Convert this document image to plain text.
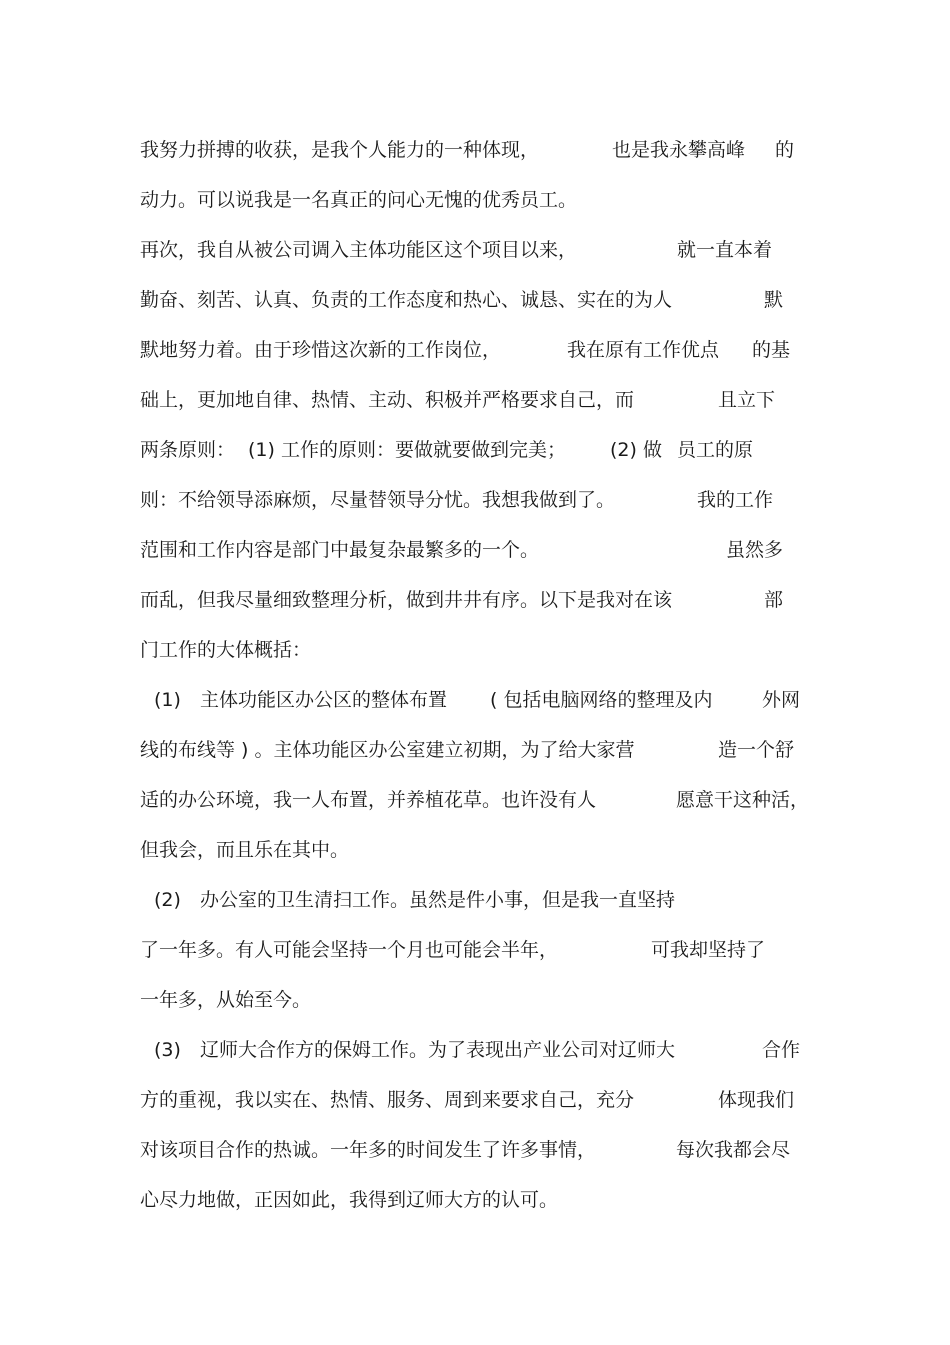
我努力拼搏的收获，是我个人能力的一种体现，	也是我永攀高峰 的
动力。可以说我是一名真正的问心无愧的优秀员工。
再次，我自从被公司调入主体功能区这个项目以来，	就一直本着
勤奋、刻苦、认真、负责的工作态度和热心、诚恳、实在的为人	默
默地努力着。由于珍惜这次新的工作岗位，	我在原有工作优点 的基
础上，更加地自律、热情、主动、积极并严格要求自己，而	且立下
两条原则： (1) 工作的原则：要做就要做到完美； (2) 做 员工的原
则：不给领导添麻烦，尽量替领导分忧。我想我做到了。	我的工作
范围和工作内容是部门中最复杂最繁多的一个。	虽然多
而乱，但我尽量细致整理分析，做到井井有序。以下是我对在该	部
门工作的大体概括：
(1) 主体功能区办公区的整体布置 ( 包括电脑网络的整理及内	外网
线的布线等 ) 。主体功能区办公室建立初期，为了给大家营	造一个舒
适的办公环境，我一人布置，并养植花草。也许没有人	愿意干这种活，
但我会，而且乐在其中。
(2) 办公室的卫生清扫工作。虽然是件小事，但是我一直坚持
了一年多。有人可能会坚持一个月也可能会半年，	可我却坚持了
一年多，从始至今。
(3) 辽师大合作方的保姆工作。为了表现出产业公司对辽师大	合作
方的重视，我以实在、热情、服务、周到来要求自己，充分	体现我们
对该项目合作的热诚。一年多的时间发生了许多事情，	每次我都会尽
心尽力地做，正因如此，我得到辽师大方的认可。
